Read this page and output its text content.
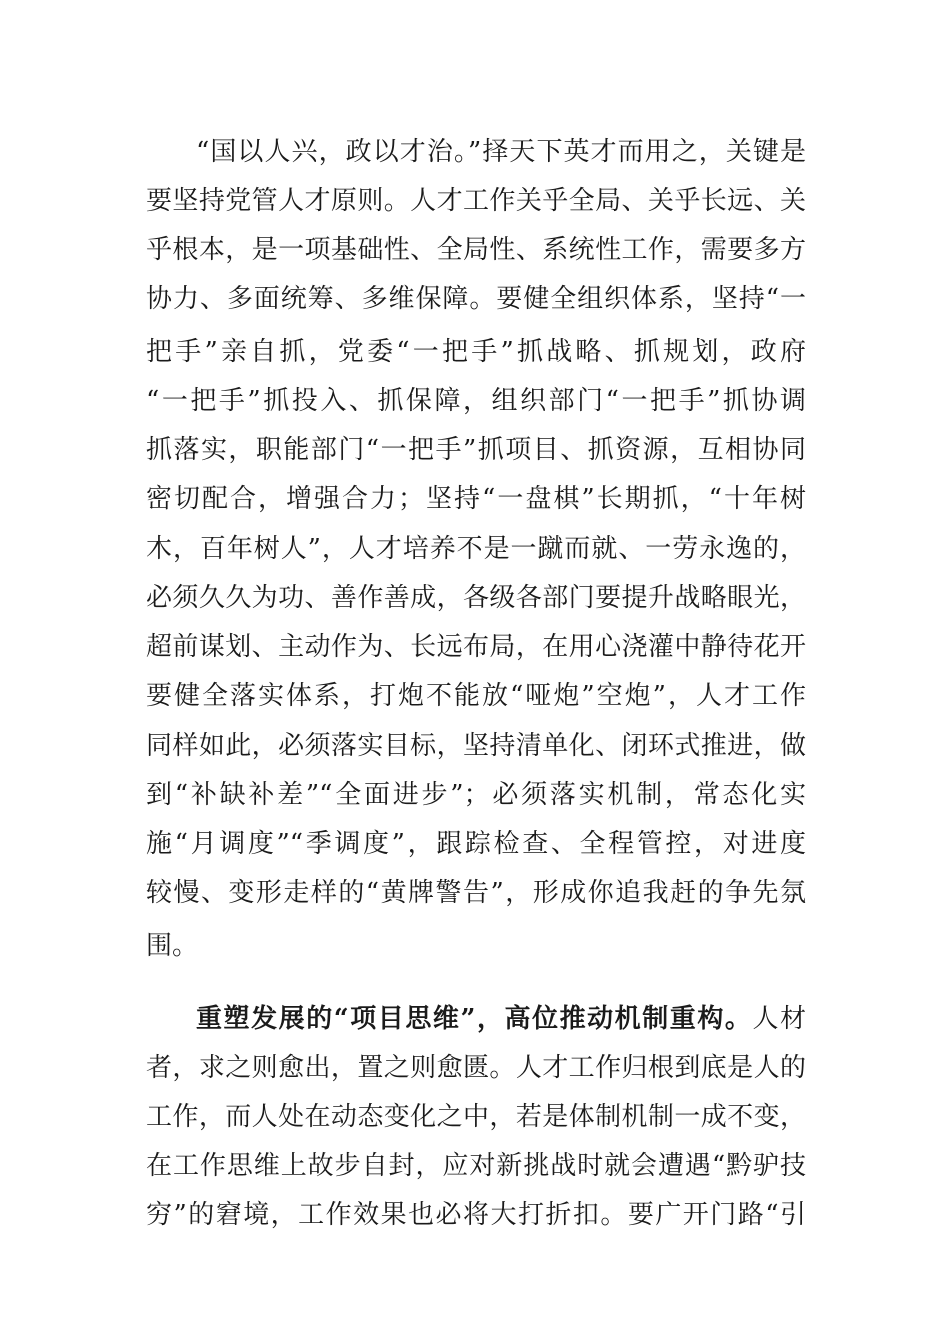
“国以人兴，政以才治。”择天下英才而用之，关键是
要坚持党管人才原则。人才工作关乎全局、关乎长远、关
乎根本，是一项基础性、全局性、系统性工作，需要多方
协力、多面统筹、多维保障。要健全组织体系，坚持“一
把手”亲自抓，党委“一把手”抓战略、抓规划，政府
“一把手”抓投入、抓保障，组织部门“一把手”抓协调
抓落实，职能部门“一把手”抓项目、抓资源，互相协同
密切配合，增强合力；坚持“一盘棋”长期抓，“十年树
木，百年树人”，人才培养不是一蹴而就、一劳永逸的，
必须久久为功、善作善成，各级各部门要提升战略眼光，
超前谋划、主动作为、长远布局，在用心浇灌中静待花开
要健全落实体系，打炮不能放“哑炮”空炮”，人才工作
同样如此，必须落实目标，坚持清单化、闭环式推进，做
到“补缺补差”“全面进步”；必须落实机制，常态化实
施“月调度”“季调度”，跟踪检查、全程管控，对进度
较慢、变形走样的“黄牌警告”，形成你追我赶的争先氛
围。
重塑发展的“项目思维”，高位推动机制重构。人材
者，求之则愈出，置之则愈匮。人才工作归根到底是人的
工作，而人处在动态变化之中，若是体制机制一成不变，
在工作思维上故步自封，应对新挑战时就会遭遇“黔驴技
穷”的窘境，工作效果也必将大打折扣。要广开门路“引
